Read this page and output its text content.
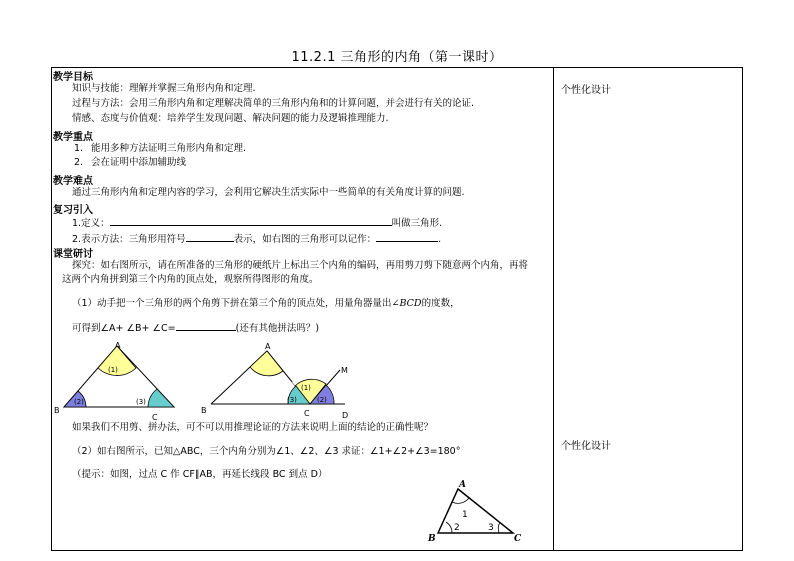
11.2.1 三角形的内角（第一课时）
个性化设计
个性化设计
教学目标
知识与技能：理解并掌握三角形内角和定理.
过程与方法：会用三角形内角和定理解决简单的三角形内角和的计算问题，并会进行有关的论证.
情感、态度与价值观：培养学生发现问题、解决问题的能力及逻辑推理能力.
教学重点
1. 能用多种方法证明三角形内角和定理.
2. 会在证明中添加辅助线
教学难点
通过三角形内角和定理内容的学习，会利用它解决生活实际中一些简单的有关角度计算的问题.
复习引入
1.定义：	叫做三角形.
2.表示方法：三角形用符号	表示，如右图的三角形可以记作：	.
课堂研讨
探究：如右图所示，请在所准备的三角形的硬纸片上标出三个内角的编码，再用剪刀剪下随意两个内角，再将
这两个内角拼到第三个内角的顶点处，观察所得图形的角度。
（1）动手把一个三角形的两个角剪下拼在第三个角的顶点处，用量角器量出∠BCD的度数，
可得到∠A+ ∠B+ ∠C=	(还有其他拼法吗？)
A
B
C
(1)
(2)	(3)
A
B	C	D
M
(1)
(3)	(2)
如果我们不用剪、拼办法，可不可以用推理论证的方法来说明上面的结论的正确性呢？
（2）如右图所示，已知△ABC，三个内角分别为∠1、∠2、∠3 求证：∠1+∠2+∠3=180°
（提示：如图，过点 C 作 CF∥AB，再延长线段 BC 到点 D）
A
B	C
1
2	3
